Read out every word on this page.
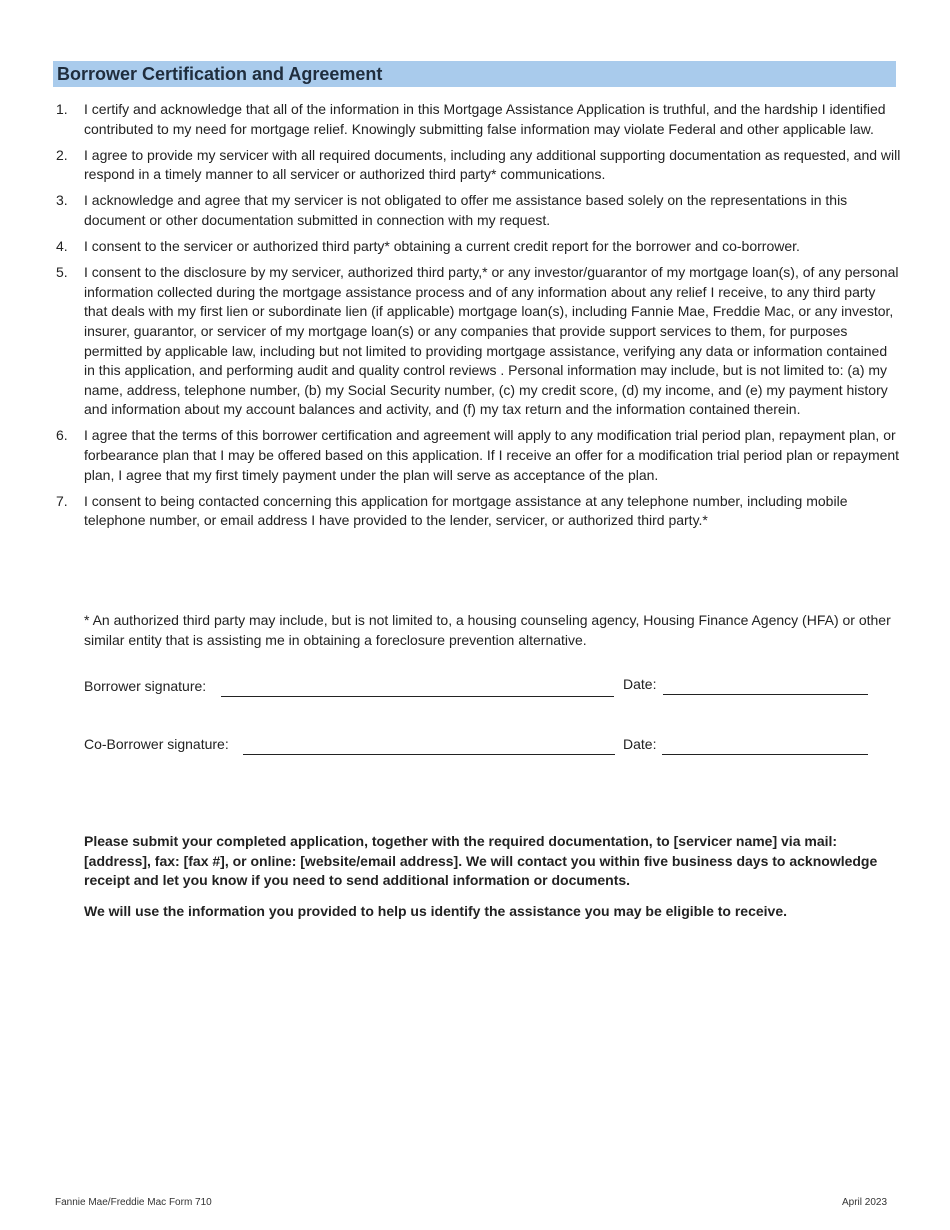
Borrower Certification and Agreement
1. I certify and acknowledge that all of the information in this Mortgage Assistance Application is truthful, and the hardship I identified contributed to my need for mortgage relief. Knowingly submitting false information may violate Federal and other applicable law.
2. I agree to provide my servicer with all required documents, including any additional supporting documentation as requested, and will respond in a timely manner to all servicer or authorized third party* communications.
3. I acknowledge and agree that my servicer is not obligated to offer me assistance based solely on the representations in this document or other documentation submitted in connection with my request.
4. I consent to the servicer or authorized third party* obtaining a current credit report for the borrower and co-borrower.
5. I consent to the disclosure by my servicer, authorized third party,* or any investor/guarantor of my mortgage loan(s), of any personal information collected during the mortgage assistance process and of any information about any relief I receive, to any third party that deals with my first lien or subordinate lien (if applicable) mortgage loan(s), including Fannie Mae, Freddie Mac, or any investor, insurer, guarantor, or servicer of my mortgage loan(s) or any companies that provide support services to them, for purposes permitted by applicable law, including but not limited to providing mortgage assistance, verifying any data or information contained in this application, and performing audit and quality control reviews . Personal information may include, but is not limited to: (a) my name, address, telephone number, (b) my Social Security number, (c) my credit score, (d) my income, and (e) my payment history and information about my account balances and activity, and (f) my tax return and the information contained therein.
6. I agree that the terms of this borrower certification and agreement will apply to any modification trial period plan, repayment plan, or forbearance plan that I may be offered based on this application. If I receive an offer for a modification trial period plan or repayment plan, I agree that my first timely payment under the plan will serve as acceptance of the plan.
7. I consent to being contacted concerning this application for mortgage assistance at any telephone number, including mobile telephone number, or email address I have provided to the lender, servicer, or authorized third party.*
* An authorized third party may include, but is not limited to, a housing counseling agency, Housing Finance Agency (HFA) or other similar entity that is assisting me in obtaining a foreclosure prevention alternative.
Borrower signature:	Date:
Co-Borrower signature:	Date:
Please submit your completed application, together with the required documentation, to [servicer name] via mail: [address], fax: [fax #], or online: [website/email address]. We will contact you within five business days to acknowledge receipt and let you know if you need to send additional information or documents.
We will use the information you provided to help us identify the assistance you may be eligible to receive.
Fannie Mae/Freddie Mac Form 710	April 2023
